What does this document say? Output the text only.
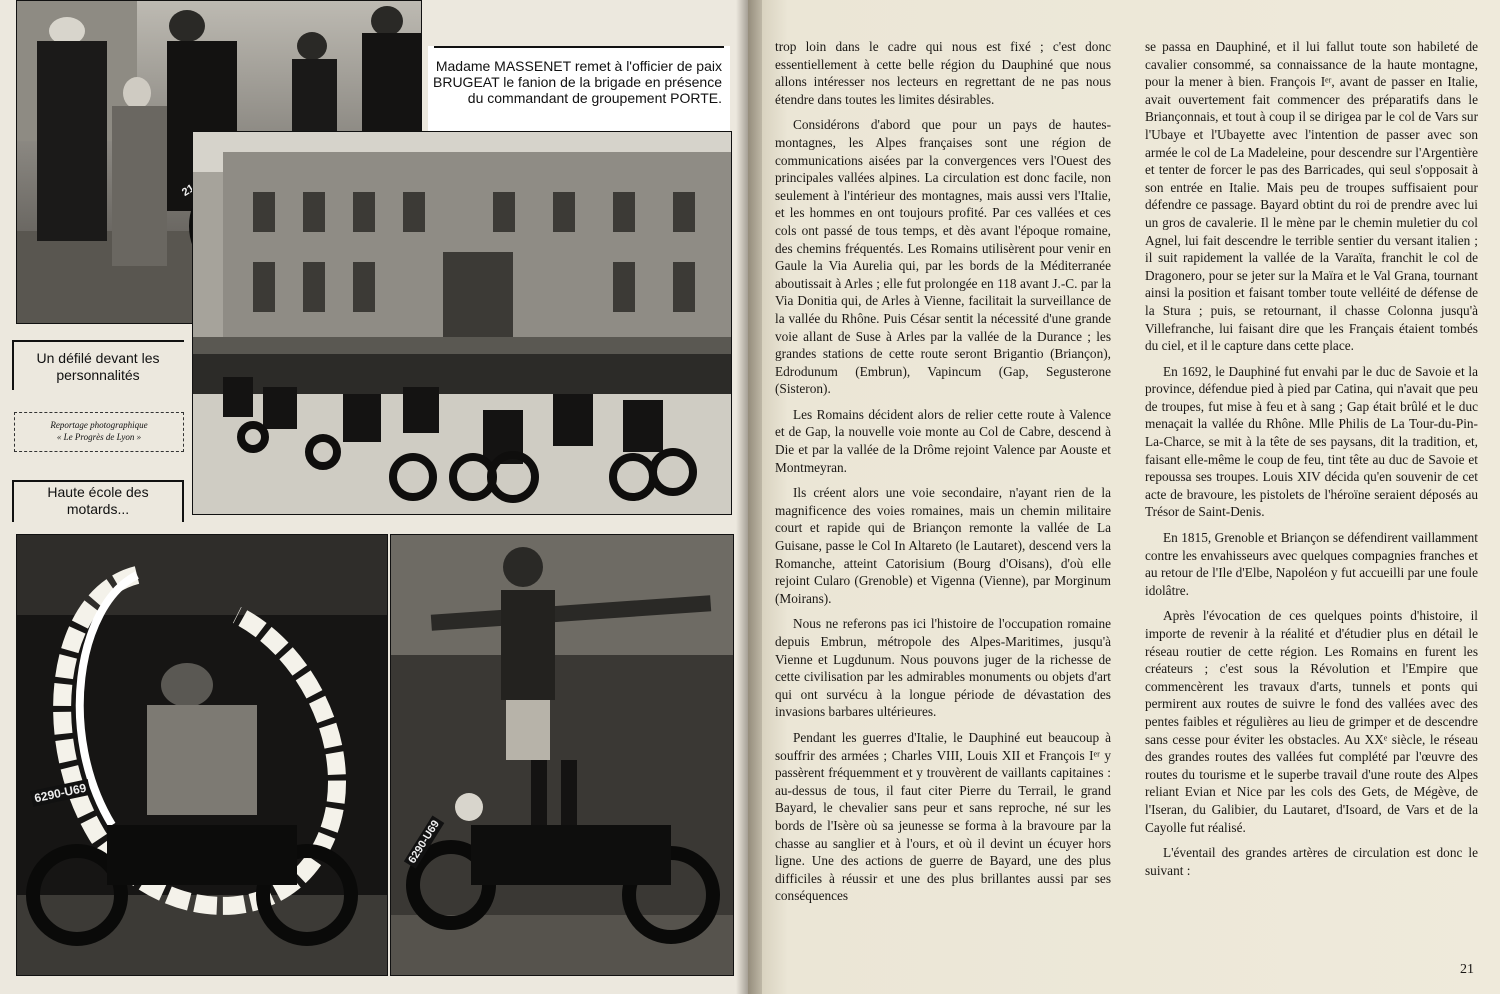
218
Madame MASSENET remet à l'officier de paix BRUGEAT le fanion de la brigade en présence du commandant de groupement PORTE.
Un défilé devant les personnalités
Reportage photographique
« Le Progrès de Lyon »
Haute école des motards...
6290-U69
6290-U69

trop loin dans le cadre qui nous est fixé ; c'est donc essentiellement à cette belle région du Dauphiné que nous allons intéresser nos lecteurs en regrettant de ne pas nous étendre dans toutes les limites désirables.

Considérons d'abord que pour un pays de hautes-montagnes, les Alpes françaises sont une région de communications aisées par la convergences vers l'Ouest des principales vallées alpines. La circulation est donc facile, non seulement à l'intérieur des montagnes, mais aussi vers l'Italie, et les hommes en ont toujours profité. Par ces vallées et ces cols ont passé de tous temps, et dès avant l'époque romaine, des chemins fréquentés. Les Romains utilisèrent pour venir en Gaule la Via Aurelia qui, par les bords de la Méditerranée aboutissait à Arles ; elle fut prolongée en 118 avant J.-C. par la Via Donitia qui, de Arles à Vienne, facilitait la surveillance de la vallée du Rhône. Puis César sentit la nécessité d'une grande voie allant de Suse à Arles par la vallée de la Durance ; les grandes stations de cette route seront Brigantio (Briançon), Edrodunum (Embrun), Vapincum (Gap, Segusterone (Sisteron).

Les Romains décident alors de relier cette route à Valence et de Gap, la nouvelle voie monte au Col de Cabre, descend à Die et par la vallée de la Drôme rejoint Valence par Aouste et Montmeyran.

Ils créent alors une voie secondaire, n'ayant rien de la magnificence des voies romaines, mais un chemin militaire court et rapide qui de Briançon remonte la vallée de La Guisane, passe le Col In Altareto (le Lautaret), descend vers la Romanche, atteint Catorisium (Bourg d'Oisans), d'où elle rejoint Cularo (Grenoble) et Vigenna (Vienne), par Morginum (Moirans).

Nous ne referons pas ici l'histoire de l'occupation romaine depuis Embrun, métropole des Alpes-Maritimes, jusqu'à Vienne et Lugdunum. Nous pouvons juger de la richesse de cette civilisation par les admirables monuments ou objets d'art qui ont survécu à la longue période de dévastation des invasions barbares ultérieures.

Pendant les guerres d'Italie, le Dauphiné eut beaucoup à souffrir des armées ; Charles VIII, Louis XII et François Iᵉʳ y passèrent fréquemment et y trouvèrent de vaillants capitaines : au-dessus de tous, il faut citer Pierre du Terrail, le grand Bayard, le chevalier sans peur et sans reproche, né sur les bords de l'Isère où sa jeunesse se forma à la bravoure par la chasse au sanglier et à l'ours, et où il devint un écuyer hors ligne. Une des actions de guerre de Bayard, une des plus difficiles à réussir et une des plus brillantes aussi par ses conséquences

se passa en Dauphiné, et il lui fallut toute son habileté de cavalier consommé, sa connaissance de la haute montagne, pour la mener à bien. François Iᵉʳ, avant de passer en Italie, avait ouvertement fait commencer des préparatifs dans le Briançonnais, et tout à coup il se dirigea par le col de Vars sur l'Ubaye et l'Ubayette avec l'intention de passer avec son armée le col de La Madeleine, pour descendre sur l'Argentière et tenter de forcer le pas des Barricades, qui seul s'opposait à son entrée en Italie. Mais peu de troupes suffisaient pour défendre ce passage. Bayard obtint du roi de prendre avec lui un gros de cavalerie. Il le mène par le chemin muletier du col Agnel, lui fait descendre le terrible sentier du versant italien ; il suit rapidement la vallée de la Varaïta, franchit le col de Dragonero, pour se jeter sur la Maïra et le Val Grana, tournant ainsi la position et faisant tomber toute velléité de défense de la Stura ; puis, se retournant, il chasse Colonna jusqu'à Villefranche, lui faisant dire que les Français étaient tombés du ciel, et il le capture dans cette place.

En 1692, le Dauphiné fut envahi par le duc de Savoie et la province, défendue pied à pied par Catina, qui n'avait que peu de troupes, fut mise à feu et à sang ; Gap était brûlé et le duc menaçait la vallée du Rhône. Mlle Philis de La Tour-du-Pin-La-Charce, se mit à la tête de ses paysans, dit la tradition, et, faisant elle-même le coup de feu, tint tête au duc de Savoie et repoussa ses troupes. Louis XIV décida qu'en souvenir de cet acte de bravoure, les pistolets de l'héroïne seraient déposés au Trésor de Saint-Denis.

En 1815, Grenoble et Briançon se défendirent vaillamment contre les envahisseurs avec quelques compagnies franches et au retour de l'Ile d'Elbe, Napoléon y fut accueilli par une foule idolâtre.

Après l'évocation de ces quelques points d'histoire, il importe de revenir à la réalité et d'étudier plus en détail le réseau routier de cette région. Les Romains en furent les créateurs ; c'est sous la Révolution et l'Empire que commencèrent les travaux d'arts, tunnels et ponts qui permirent aux routes de suivre le fond des vallées avec des pentes faibles et régulières au lieu de grimper et de descendre sans cesse pour éviter les obstacles. Au XXᵉ siècle, le réseau des grandes routes des vallées fut complété par l'œuvre des routes du tourisme et le superbe travail d'une route des Alpes reliant Evian et Nice par les cols des Gets, de Mégève, de l'Iseran, du Galibier, du Lautaret, d'Isoard, de Vars et de la Cayolle fut réalisé.

L'éventail des grandes artères de circulation est donc le suivant :

21
